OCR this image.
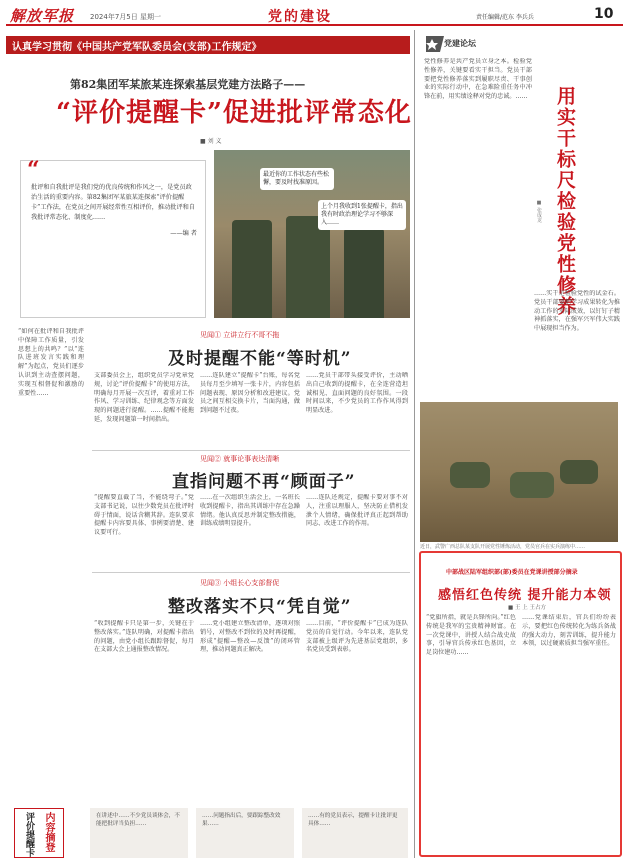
解放军报 2024年7月5日 星期一	党的建设	责任编辑/范东 李兵兵	10
认真学习贯彻《中国共产党军队委员会(支部)工作规定》
第82集团军某旅某连探索基层党建方法路子——
“评价提醒卡”促进批评常态化
■ 刘 义
“
批评和自我批评是我们党的优良传统和作风之一，是党员政治生活的重要内容。第82集团军某旅某连探索“评价提醒卡”工作法，在党员之间开展经常性互相评价，推动批评和自我批评常态化、制度化……
——编 者
最近你的工作状态有些松懈，要及时找准原因。
上个月我收到1张提醒卡，指出我有时政治理论学习不够深入……
“如何在批评和自我批评中保障工作质量，引发思想上的共鸣？”以“连队进班发言实践和理解”为起点，党员们逐步认识到主动查摆问题，实现互相督促和激励的重要性……
见闻① 立讲立行不哥不拖
及时提醒不能“等时机”
支部委员会上，组织党员学习党章党规，讨论“评价提醒卡”的使用方法，明确每月开展一次互评，着重对工作作风、学习训练、纪律观念等方面发现的问题进行提醒。……提醒不能拖延，发现问题第一时间指出。
……连队建立“提醒卡”台账，每名党员每月至少填写一张卡片，内容包括问题表现、原因分析和改进建议。党员之间互相交换卡片，当面沟通，做到问题不过夜。
……党员干部带头接受评价，主动晒出自己收到的提醒卡，在全连营造坦诚相见、直面问题的良好氛围。一段时间以来，不少党员的工作作风得到明显改进。
见闻② 就事论事表达清晰
直指问题不再“顾面子”
“提醒要直截了当，不能绕弯子。”党支部书记说，以往少数党员在批评时碍于情面，说话含糊其辞。连队要求提醒卡内容要具体、事例要清楚、建议要可行。
……在一次组织生活会上，一名班长收到提醒卡，指出其训练中存在急躁情绪。他认真反思并制定整改措施，训练成绩明显提升。
……连队还规定，提醒卡要对事不对人，注重以理服人，坚决防止借机发泄个人情绪，确保批评真正起到帮助同志、改进工作的作用。
见闻③ 小组长心支部督促
整改落实不只“凭自觉”
“收到提醒卡只是第一步，关键在于整改落实。”连队明确，对提醒卡指出的问题，由党小组长跟踪督促，每月在支部大会上通报整改情况。
……党小组建立整改清单，逐项对照销号，对整改不到位的及时再提醒，形成“提醒—整改—反馈”的闭环管理，推动问题真正解决。
……目前，“评价提醒卡”已成为连队党员的自觉行动。今年以来，连队党支部被上级评为先进基层党组织，多名党员受到表彰。
内容摘登
评价提醒卡	在讲述中……不少党员谈体会，不能把批评当负担……
……问题指出后，要跟踪整改效果……
……有的党员表示，提醒卡让批评更具体……
党建论坛
党性修养是共产党员立身之本。检验党性修养，关键要看实干担当。党员干部要把党性修养落实到履职尽责、干事创业的实际行动中，在急难险重任务中冲锋在前，用实绩诠释对党的忠诚。…… 用实干标尺检验党性修养
■ 张成龙
……实干是检验党性的试金石。党员干部要把学习成果转化为推动工作的实际成效，以钉钉子精神抓落实，在强军兴军伟大实践中展现担当作为。
近日，武警广西总队某支队开展党性锤炼活动，党员官兵在实兵演练中……
中部战区陆军组织部(部)委员在党课讲授部分摘录
感悟红色传统 提升能力本领
■ 王 上 王占方
“党旗所指，就是兵锋所向。”红色传统是我军的宝贵精神财富。在一次党课中，讲授人结合战史故事，引导官兵传承红色基因，立足岗位建功……
……党课结束后，官兵们纷纷表示，要把红色传统转化为练兵备战的强大动力，刻苦训练，提升能力本领，以过硬素质担当强军重任。
